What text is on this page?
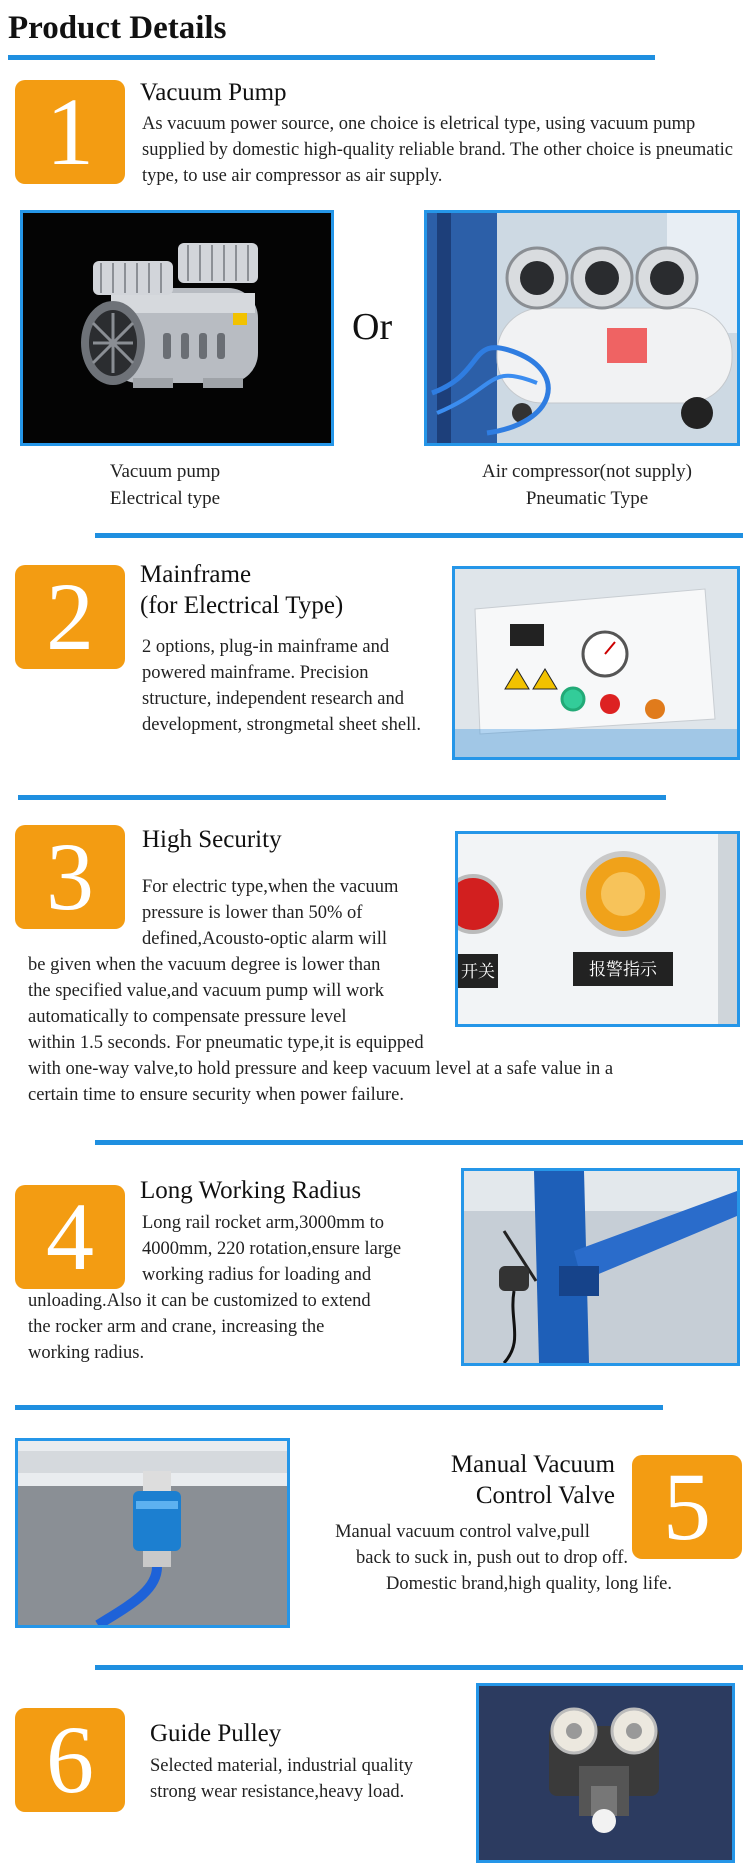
Product Details
1	Vacuum Pump

As vacuum power source, one choice is eletrical type, using vacuum pump supplied by domestic high-quality reliable brand. The other choice is pneumatic type, to use air compressor as air supply.

Or
Vacuum pump
Electrical type
Air compressor(not supply)
Pneumatic Type
2	Mainframe
(for Electrical Type)

2 options, plug-in mainframe and powered mainframe. Precision structure, independent research and development, strongmetal sheet shell.

3	High Security
开关	报警指示

For electric type,when the vacuum

pressure is lower than 50% of

defined,Acousto-optic alarm will

be given when the vacuum degree is lower than

the specified value,and vacuum pump will work

automatically to compensate pressure level

within 1.5 seconds. For pneumatic type,it is equipped

with one-way valve,to hold pressure and keep vacuum level at a safe value in a

certain time to ensure security when power failure.

4	Long Working Radius

Long rail rocket arm,3000mm to

4000mm, 220 rotation,ensure large

working radius for loading and

unloading.Also it can be customized to extend

the rocker arm and crane, increasing the

working radius.

5
Manual Vacuum
Control Valve

Manual vacuum control valve,pull

back to suck in, push out to drop off.

Domestic brand,high quality, long life.

6	Guide Pulley

Selected material, industrial quality

strong wear resistance,heavy load.
